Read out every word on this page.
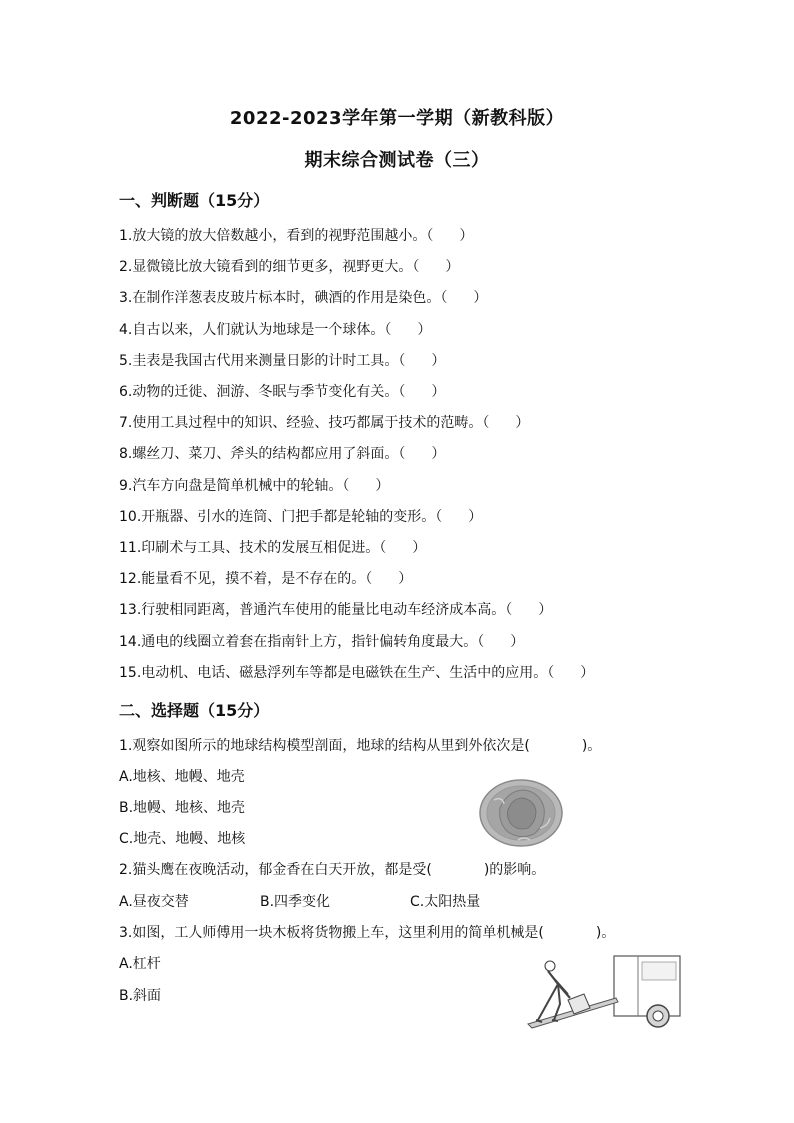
2022-2023学年第一学期（新教科版）
期末综合测试卷（三）
一、判断题（15分）
1.放大镜的放大倍数越小，看到的视野范围越小。（ ）
2.显微镜比放大镜看到的细节更多，视野更大。（ ）
3.在制作洋葱表皮玻片标本时，碘酒的作用是染色。（ ）
4.自古以来，人们就认为地球是一个球体。（ ）
5.圭表是我国古代用来测量日影的计时工具。（ ）
6.动物的迁徙、洄游、冬眠与季节变化有关。（ ）
7.使用工具过程中的知识、经验、技巧都属于技术的范畴。（ ）
8.螺丝刀、菜刀、斧头的结构都应用了斜面。（ ）
9.汽车方向盘是简单机械中的轮轴。（ ）
10.开瓶器、引水的连筒、门把手都是轮轴的变形。（ ）
11.印刷术与工具、技术的发展互相促进。（ ）
12.能量看不见，摸不着，是不存在的。（ ）
13.行驶相同距离，普通汽车使用的能量比电动车经济成本高。（ ）
14.通电的线圈立着套在指南针上方，指针偏转角度最大。（ ）
15.电动机、电话、磁悬浮列车等都是电磁铁在生产、生活中的应用。（ ）
二、选择题（15分）
1.观察如图所示的地球结构模型剖面，地球的结构从里到外依次是(	)。
A.地核、地幔、地壳
B.地幔、地核、地壳
C.地壳、地幔、地核
2.猫头鹰在夜晚活动，郁金香在白天开放，都是受(	)的影响。
A.昼夜交替	B.四季变化	C.太阳热量
3.如图，工人师傅用一块木板将货物搬上车，这里利用的简单机械是(	)。
A.杠杆
B.斜面
